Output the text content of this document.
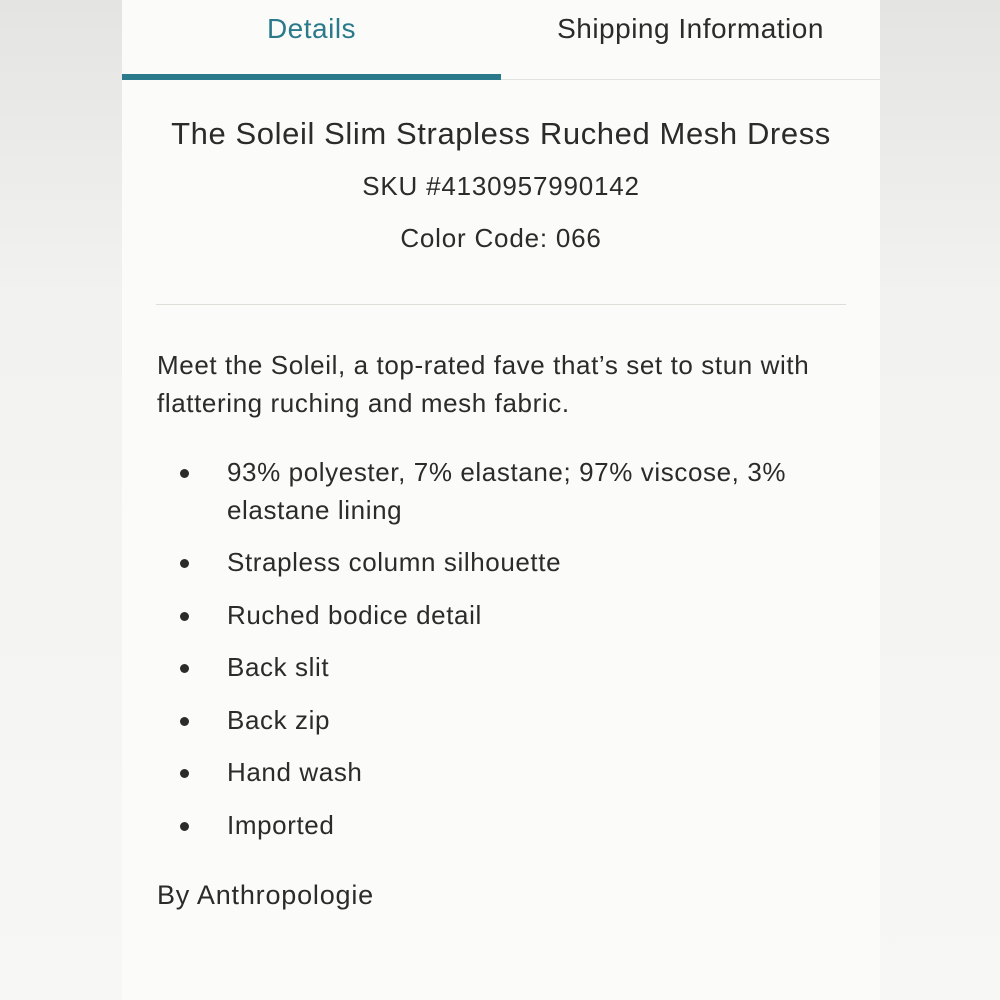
Details	Shipping Information
The Soleil Slim Strapless Ruched Mesh Dress
SKU #4130957990142
Color Code: 066

Meet the Soleil, a top-rated fave that’s set to stun with flattering ruching and mesh fabric.

93% polyester, 7% elastane; 97% viscose, 3% elastane lining
Strapless column silhouette
Ruched bodice detail
Back slit
Back zip
Hand wash
Imported

By Anthropologie
